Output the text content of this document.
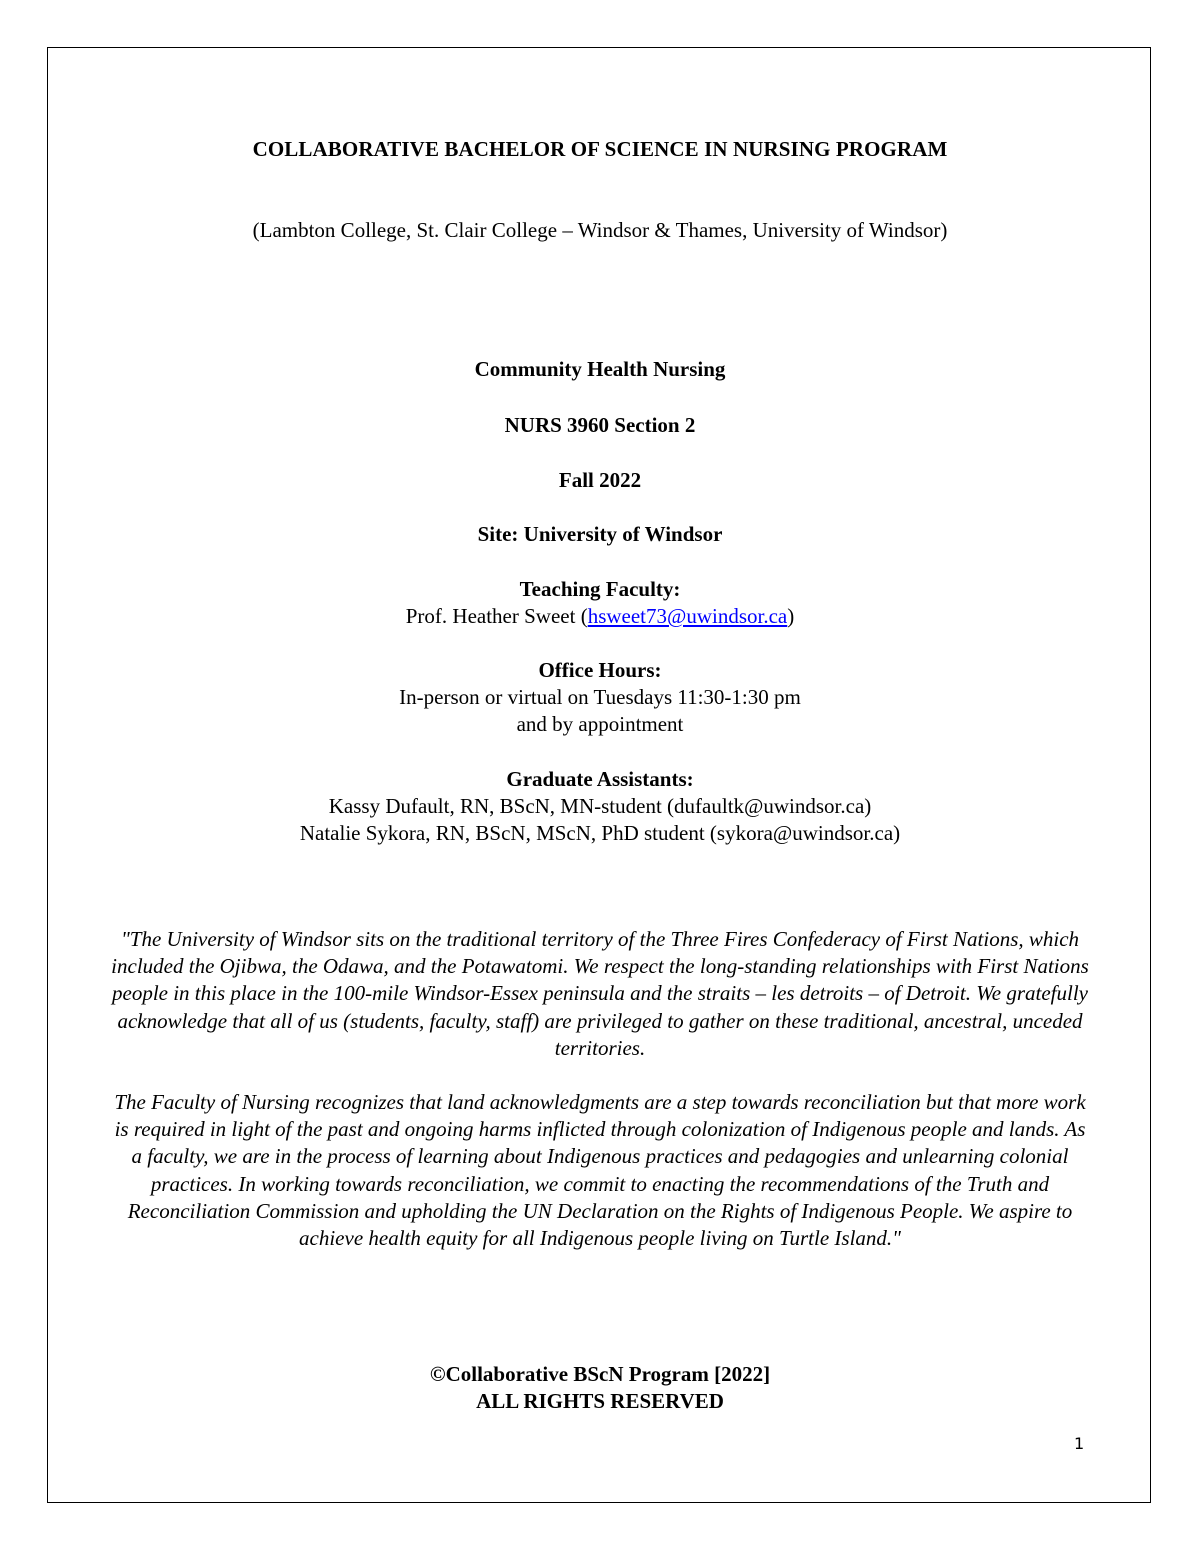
COLLABORATIVE BACHELOR OF SCIENCE IN NURSING PROGRAM
(Lambton College, St. Clair College – Windsor & Thames, University of Windsor)
Community Health Nursing
NURS 3960 Section 2
Fall 2022
Site: University of Windsor
Teaching Faculty:
Prof. Heather Sweet (hsweet73@uwindsor.ca)
Office Hours:
In-person or virtual on Tuesdays 11:30-1:30 pm
and by appointment
Graduate Assistants:
Kassy Dufault, RN, BScN, MN-student (dufaultk@uwindsor.ca)
Natalie Sykora, RN, BScN, MScN, PhD student (sykora@uwindsor.ca)
"The University of Windsor sits on the traditional territory of the Three Fires Confederacy of First Nations, which included the Ojibwa, the Odawa, and the Potawatomi. We respect the long-standing relationships with First Nations people in this place in the 100-mile Windsor-Essex peninsula and the straits – les detroits – of Detroit. We gratefully acknowledge that all of us (students, faculty, staff) are privileged to gather on these traditional, ancestral, unceded territories.
The Faculty of Nursing recognizes that land acknowledgments are a step towards reconciliation but that more work is required in light of the past and ongoing harms inflicted through colonization of Indigenous people and lands. As a faculty, we are in the process of learning about Indigenous practices and pedagogies and unlearning colonial practices. In working towards reconciliation, we commit to enacting the recommendations of the Truth and Reconciliation Commission and upholding the UN Declaration on the Rights of Indigenous People. We aspire to achieve health equity for all Indigenous people living on Turtle Island."
©Collaborative BScN Program [2022]
ALL RIGHTS RESERVED
1
